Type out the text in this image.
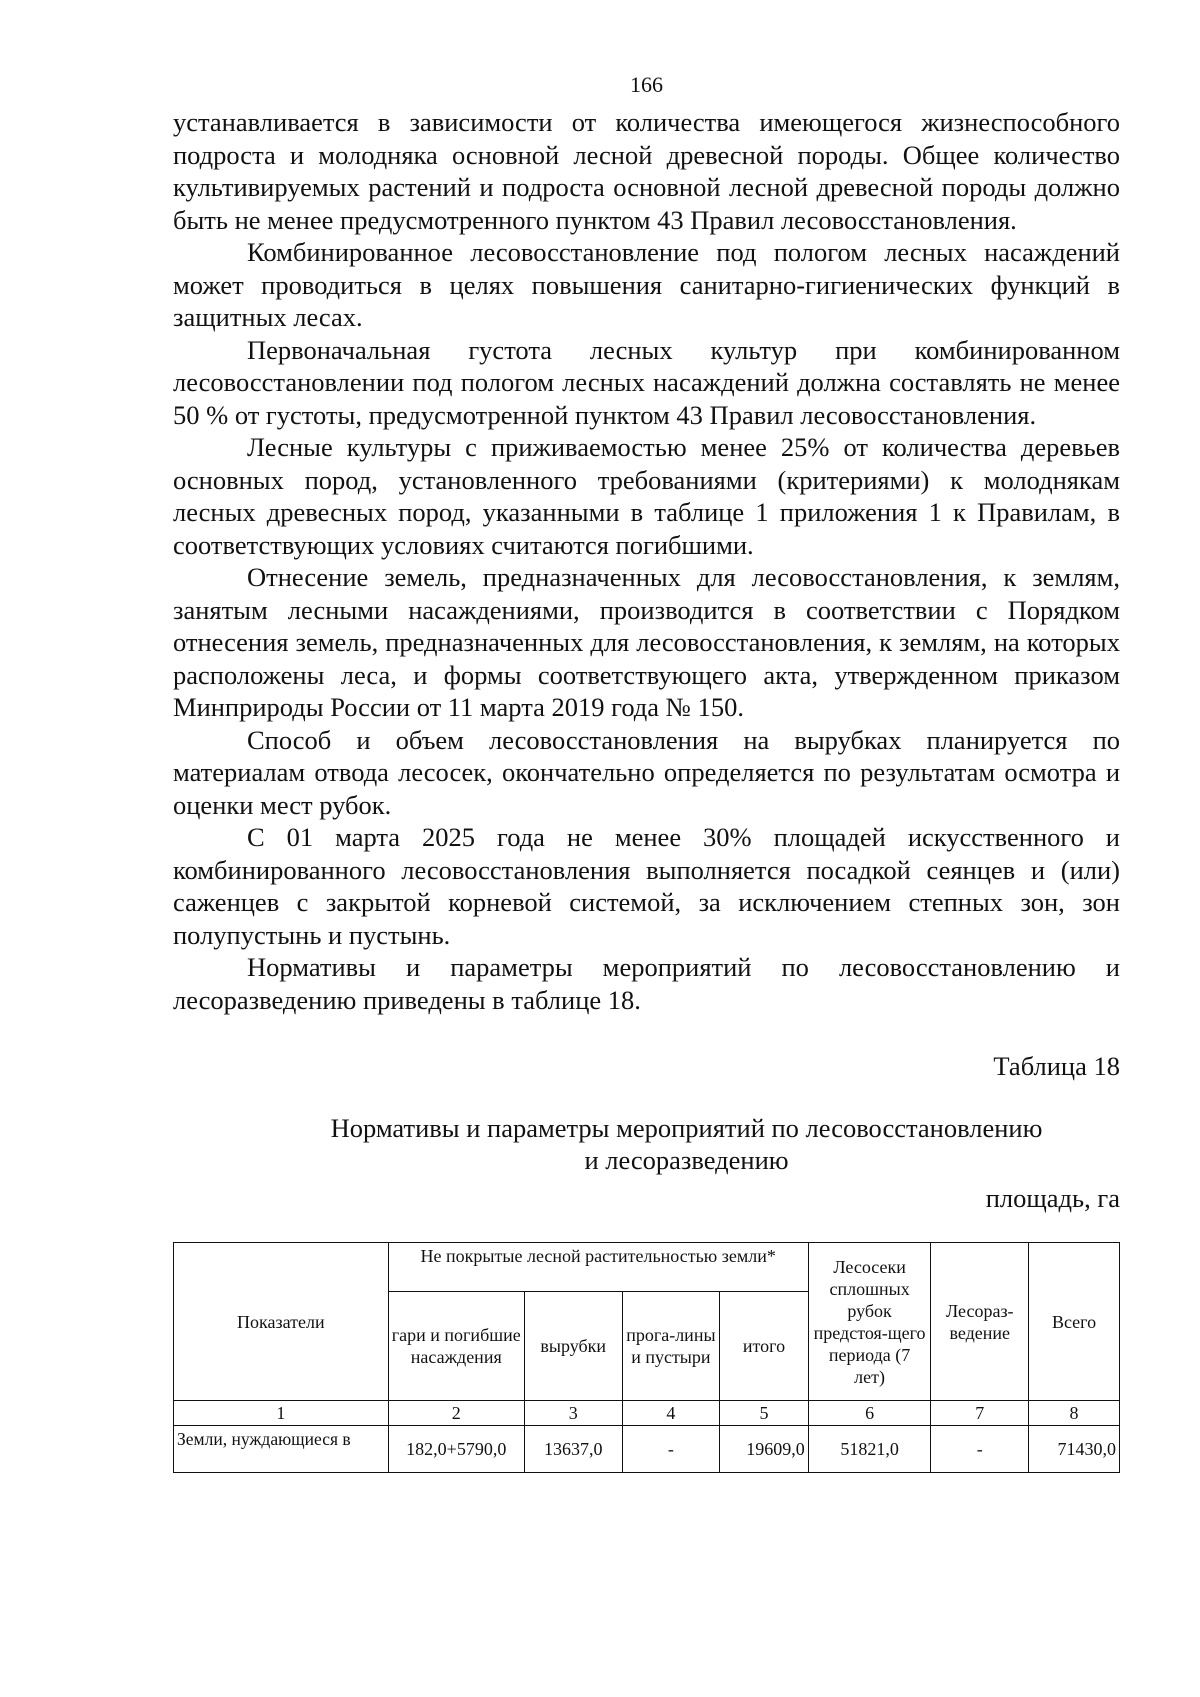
166

устанавливается в зависимости от количества имеющегося жизнеспособного подроста и молодняка основной лесной древесной породы. Общее количество культивируемых растений и подроста основной лесной древесной породы должно быть не менее предусмотренного пунктом 43 Правил лесовосстановления.

Комбинированное лесовосстановление под пологом лесных насаждений может проводиться в целях повышения санитарно-гигиенических функций в защитных лесах.

Первоначальная густота лесных культур при комбинированном лесовосстановлении под пологом лесных насаждений должна составлять не менее 50 % от густоты, предусмотренной пунктом 43 Правил лесовосстановления.

Лесные культуры с приживаемостью менее 25% от количества деревьев основных пород, установленного требованиями (критериями) к молоднякам лесных древесных пород, указанными в таблице 1 приложения 1 к Правилам, в соответствующих условиях считаются погибшими.

Отнесение земель, предназначенных для лесовосстановления, к землям, занятым лесными насаждениями, производится в соответствии с Порядком отнесения земель, предназначенных для лесовосстановления, к землям, на которых расположены леса, и формы соответствующего акта, утвержденном приказом Минприроды России от 11 марта 2019 года № 150.

Способ и объем лесовосстановления на вырубках планируется по материалам отвода лесосек, окончательно определяется по результатам осмотра и оценки мест рубок.

С 01 марта 2025 года не менее 30% площадей искусственного и комбинированного лесовосстановления выполняется посадкой сеянцев и (или) саженцев с закрытой корневой системой, за исключением степных зон, зон полупустынь и пустынь.

Нормативы и параметры мероприятий по лесовосстановлению и лесоразведению приведены в таблице 18.

Таблица 18
Нормативы и параметры мероприятий по лесовосстановлению
и лесоразведению
площадь, га
Показатели	Не покрытые лесной растительностью земли*				Лесосеки сплошных рубок предстоя-щего периода (7 лет)	Лесораз-ведение	Всего
	гари и погибшие насаждения	вырубки	прога-лины и пустыри	итого			
1	2	3	4	5	6	7	8
Земли, нуждающиеся в	182,0+5790,0	13637,0	-	19609,0	51821,0	-	71430,0
